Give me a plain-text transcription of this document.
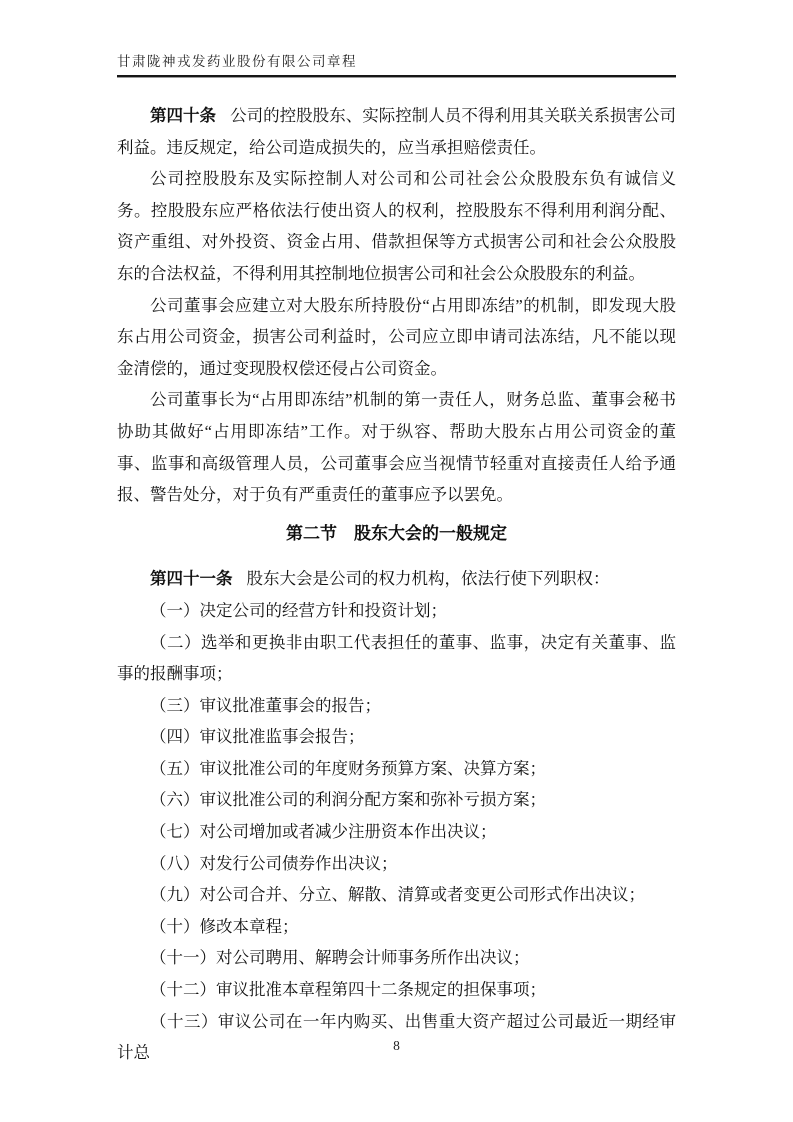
甘肃陇神戎发药业股份有限公司章程

第四十条 公司的控股股东、实际控制人员不得利用其关联关系损害公司利益。违反规定，给公司造成损失的，应当承担赔偿责任。

公司控股股东及实际控制人对公司和公司社会公众股股东负有诚信义务。控股股东应严格依法行使出资人的权利，控股股东不得利用利润分配、资产重组、对外投资、资金占用、借款担保等方式损害公司和社会公众股股东的合法权益，不得利用其控制地位损害公司和社会公众股股东的利益。

公司董事会应建立对大股东所持股份“占用即冻结”的机制，即发现大股东占用公司资金，损害公司利益时，公司应立即申请司法冻结，凡不能以现金清偿的，通过变现股权偿还侵占公司资金。

公司董事长为“占用即冻结”机制的第一责任人，财务总监、董事会秘书协助其做好“占用即冻结”工作。对于纵容、帮助大股东占用公司资金的董事、监事和高级管理人员，公司董事会应当视情节轻重对直接责任人给予通报、警告处分，对于负有严重责任的董事应予以罢免。

第二节　股东大会的一般规定

第四十一条 股东大会是公司的权力机构，依法行使下列职权：

（一）决定公司的经营方针和投资计划；

（二）选举和更换非由职工代表担任的董事、监事，决定有关董事、监事的报酬事项；

（三）审议批准董事会的报告；

（四）审议批准监事会报告；

（五）审议批准公司的年度财务预算方案、决算方案；

（六）审议批准公司的利润分配方案和弥补亏损方案；

（七）对公司增加或者减少注册资本作出决议；

（八）对发行公司债券作出决议；

（九）对公司合并、分立、解散、清算或者变更公司形式作出决议；

（十）修改本章程；

（十一）对公司聘用、解聘会计师事务所作出决议；

（十二）审议批准本章程第四十二条规定的担保事项；

（十三）审议公司在一年内购买、出售重大资产超过公司最近一期经审计总	8
